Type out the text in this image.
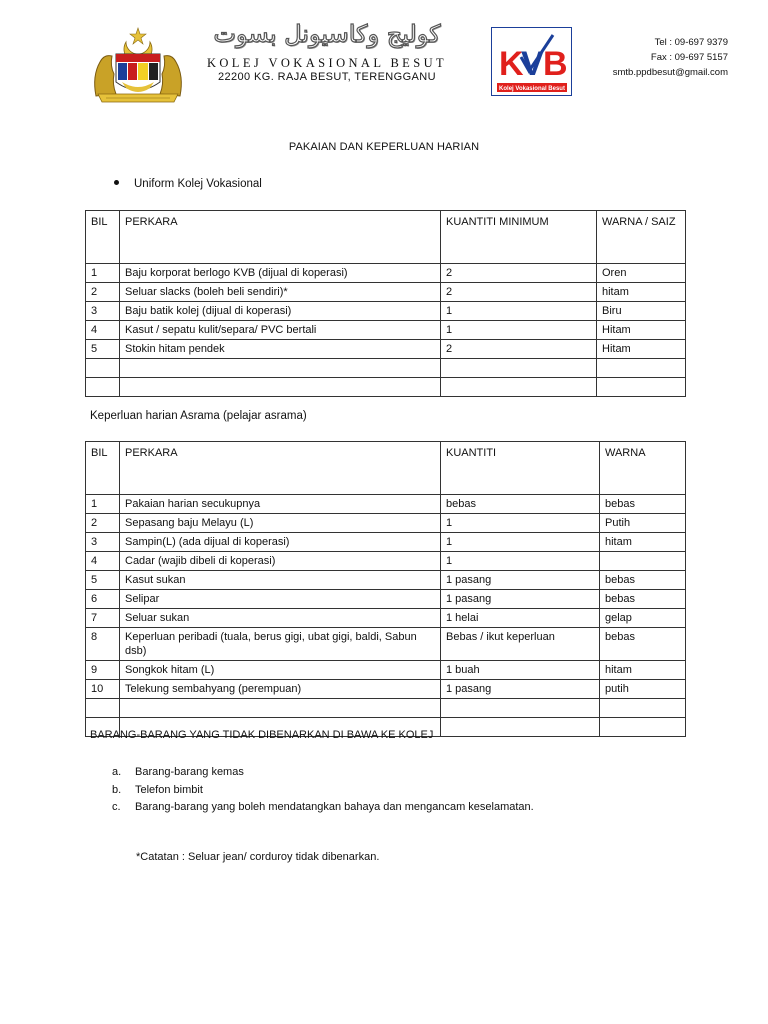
كوليج وكاسيونل بسوت
KOLEJ VOKASIONAL BESUT
22200 KG. RAJA BESUT, TERENGGANU	K
V B
Kolej Vokasional Besut
Tel : 09-697 9379
Fax : 09-697 5157
smtb.ppdbesut@gmail.com
PAKAIAN DAN KEPERLUAN HARIAN
Uniform Kolej Vokasional
BIL	PERKARA	KUANTITI MINIMUM	WARNA / SAIZ
1	Baju korporat berlogo KVB (dijual di koperasi)	2	Oren
2	Seluar slacks (boleh beli sendiri)*	2	hitam
3	Baju batik kolej (dijual di koperasi)	1	Biru
4	Kasut / sepatu kulit/separa/ PVC bertali	1	Hitam
5	Stokin hitam pendek	2	Hitam

Keperluan harian Asrama (pelajar asrama)
BIL	PERKARA	KUANTITI	WARNA
1	Pakaian harian secukupnya	bebas	bebas
2	Sepasang baju Melayu (L)	1	Putih
3	Sampin(L) (ada dijual di koperasi)	1	hitam
4	Cadar (wajib dibeli di koperasi)	1	
5	Kasut sukan	1 pasang	bebas
6	Selipar	1 pasang	bebas
7	Seluar sukan	1 helai	gelap
8	Keperluan peribadi (tuala, berus gigi, ubat gigi, baldi, Sabun dsb)	Bebas / ikut keperluan	bebas
9	Songkok hitam (L)	1 buah	hitam
10	Telekung sembahyang (perempuan)	1 pasang	putih

BARANG-BARANG YANG TIDAK DIBENARKAN DI BAWA KE KOLEJ
a. Barang-barang kemas
b. Telefon bimbit
c. Barang-barang yang boleh mendatangkan bahaya dan mengancam keselamatan.
*Catatan : Seluar jean/ corduroy tidak dibenarkan.
